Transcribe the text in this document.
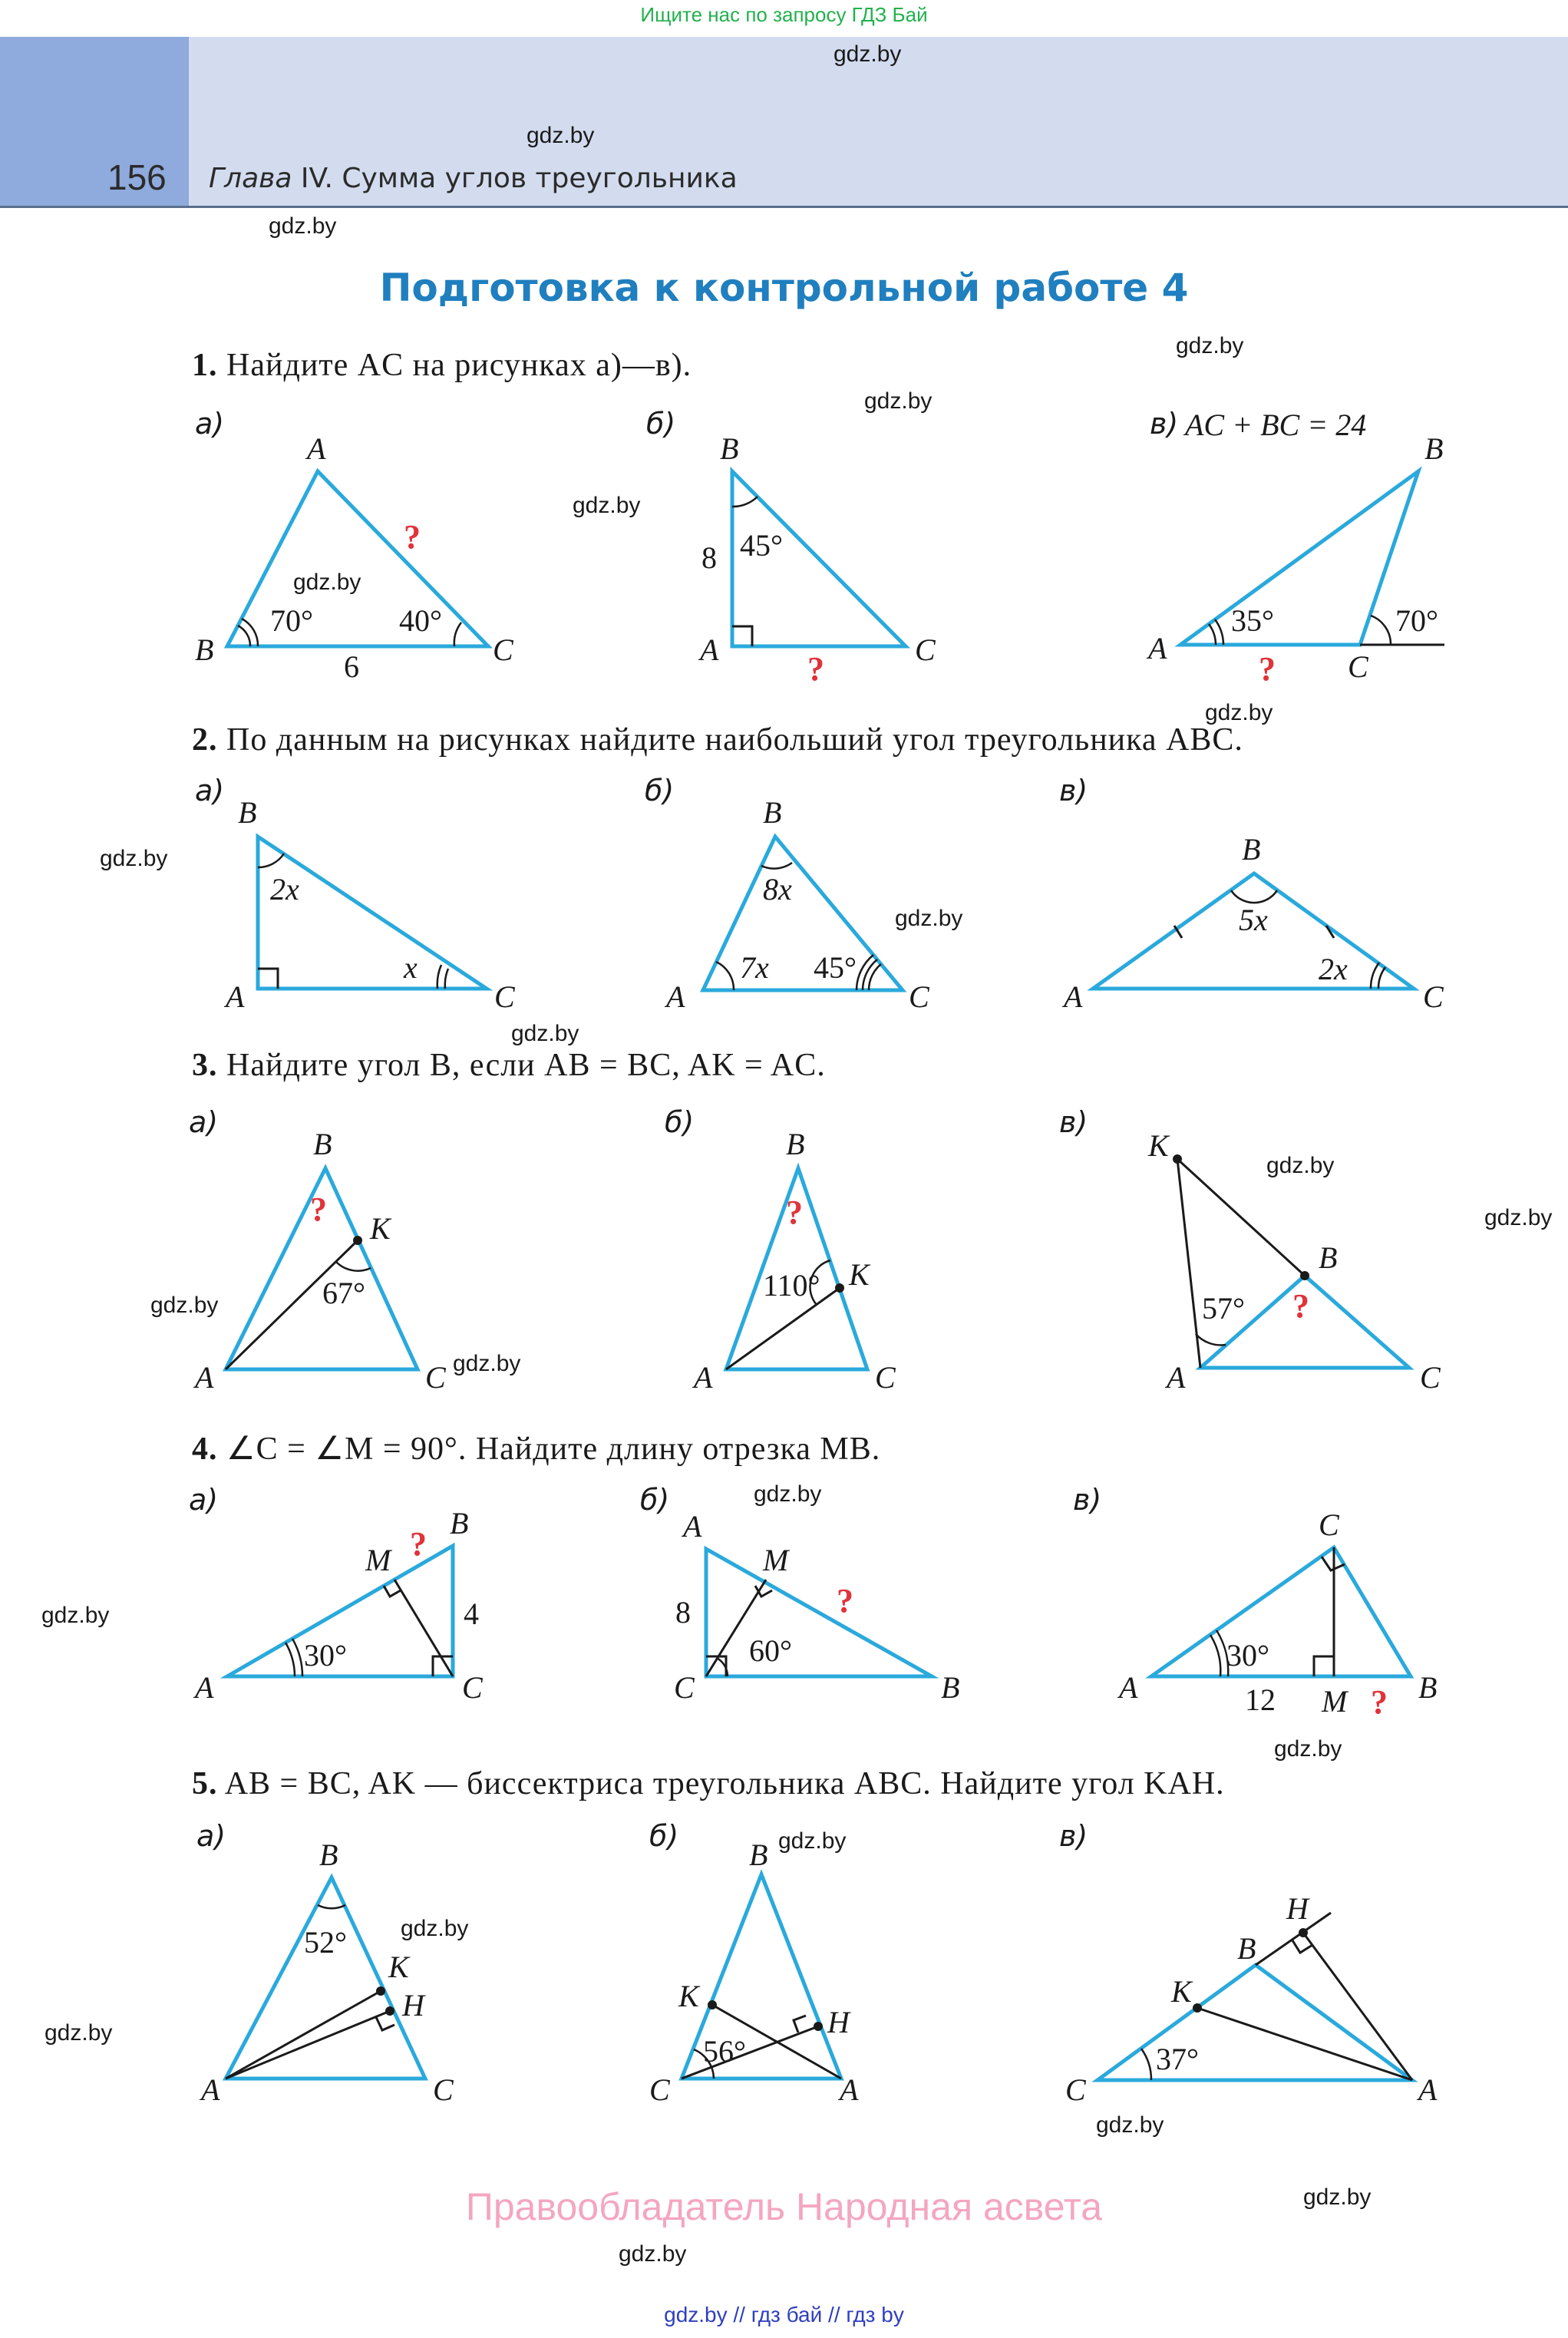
Ищите нас по запросу ГДЗ Бай
156 Глава IV. Сумма углов треугольника
gdz.by
gdz.by
gdz.by
gdz.by
gdz.by
gdz.by
gdz.by
gdz.by
gdz.by
gdz.by
gdz.by
gdz.by
gdz.by
gdz.by
gdz.by
gdz.by
gdz.by
gdz.by
gdz.by
gdz.by
gdz.by
gdz.by
gdz.by
gdz.by
Подготовка к контрольной работе 4
1. Найдите AC на рисунках а)—в).
а)	б)	в) AC + BC = 24
A
B	C
70°	40°
6
?
B
A	C
8 45°
?
A
B
C
35°	70°
?
B
A	C
2x
x
B
A	C
8x
7x 45°
B
A	C
5x
2x
B
A	C
K
67°
?
B
A	C
K
110°
?
K
B
A	C
57° ?
B
A	C
M
4
30°
?	A
C	B
M
8
60°
?
C
A	B
M
12
30°
?
B
A	C
K
H
52°
B
C	A
K
H
56°
H
B
K
C	A
37°
2. По данным на рисунках найдите наибольший угол треугольника ABC.
а)	б)	в)
3. Найдите угол B, если AB = BC, AK = AC.
а)	б)	в)
4. ∠C = ∠M = 90°. Найдите длину отрезка MB.
а)	б)	в)
5. AB = BC, AK — биссектриса треугольника ABC. Найдите угол KAH.
а)	б)	в)
Правообладатель Народная асвета
gdz.by // гдз бай // гдз by
